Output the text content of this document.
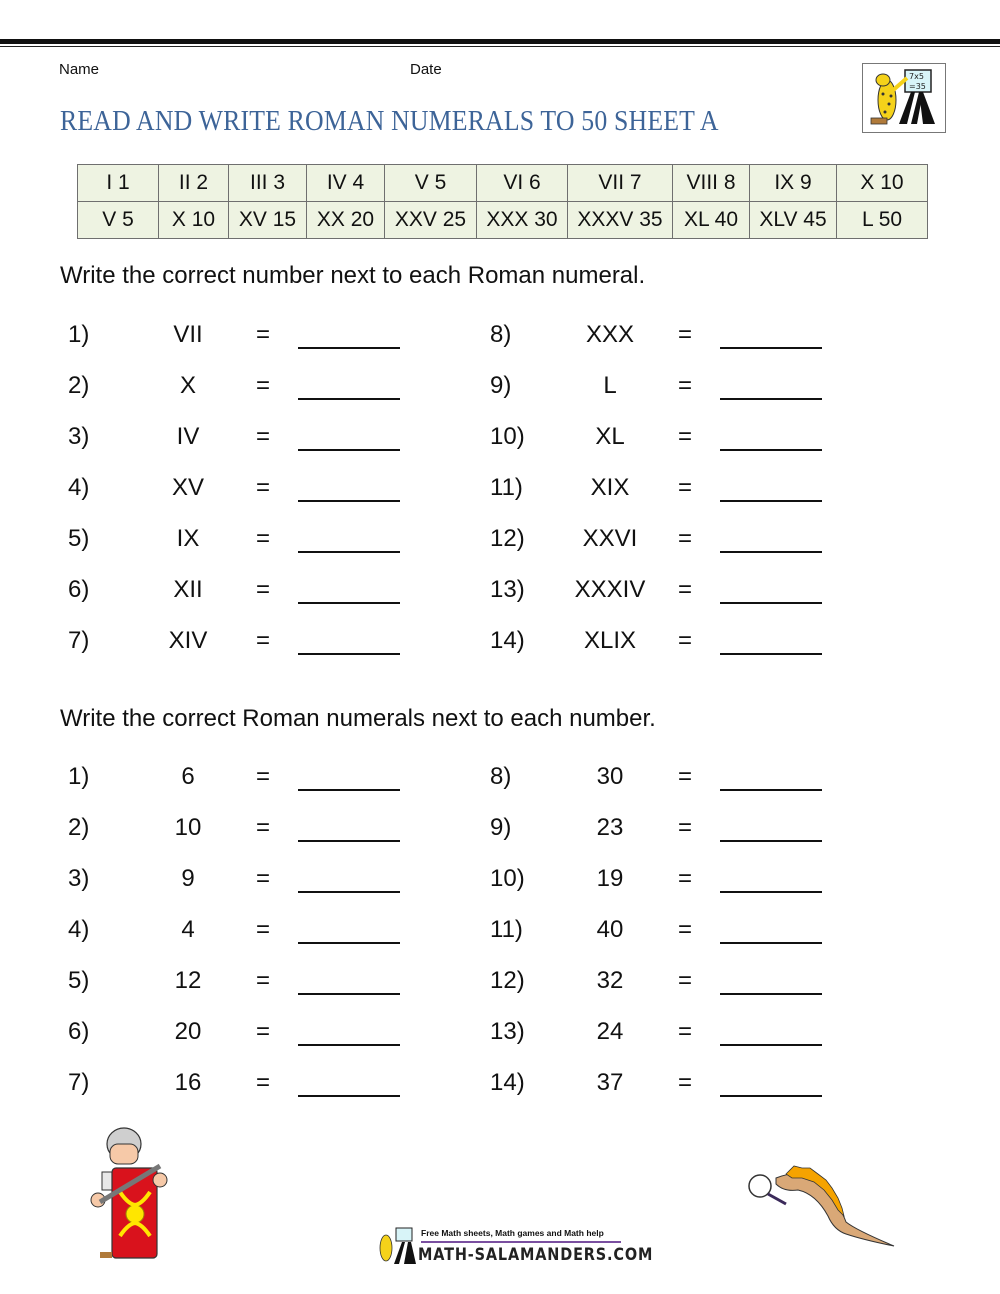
Name	Date
READ AND WRITE ROMAN NUMERALS TO 50 SHEET A
7x5
=35
I 1	II 2	III 3	IV 4	V 5	VI 6	VII 7	VIII 8	IX 9	X 10
V 5	X 10	XV 15	XX 20	XXV 25	XXX 30	XXXV 35	XL 40	XLV 45	L 50
Write the correct number next to each Roman numeral.
1)	VII	=
2)	X	=
3)	IV	=
4)	XV	=
5)	IX	=
6)	XII	=
7)	XIV	=
8)	XXX	=
9)	L	=
10)	XL	=
11)	XIX	=
12)	XXVI	=
13)	XXXIV	=
14)	XLIX	=
Write the correct Roman numerals next to each number.
1)	6	=
2)	10	=
3)	9	=
4)	4	=
5)	12	=
6)	20	=
7)	16	=
8)	30	=
9)	23	=
10)	19	=
11)	40	=
12)	32	=
13)	24	=
14)	37	=
Free Math sheets, Math games and Math help
MATH-SALAMANDERS.COM
